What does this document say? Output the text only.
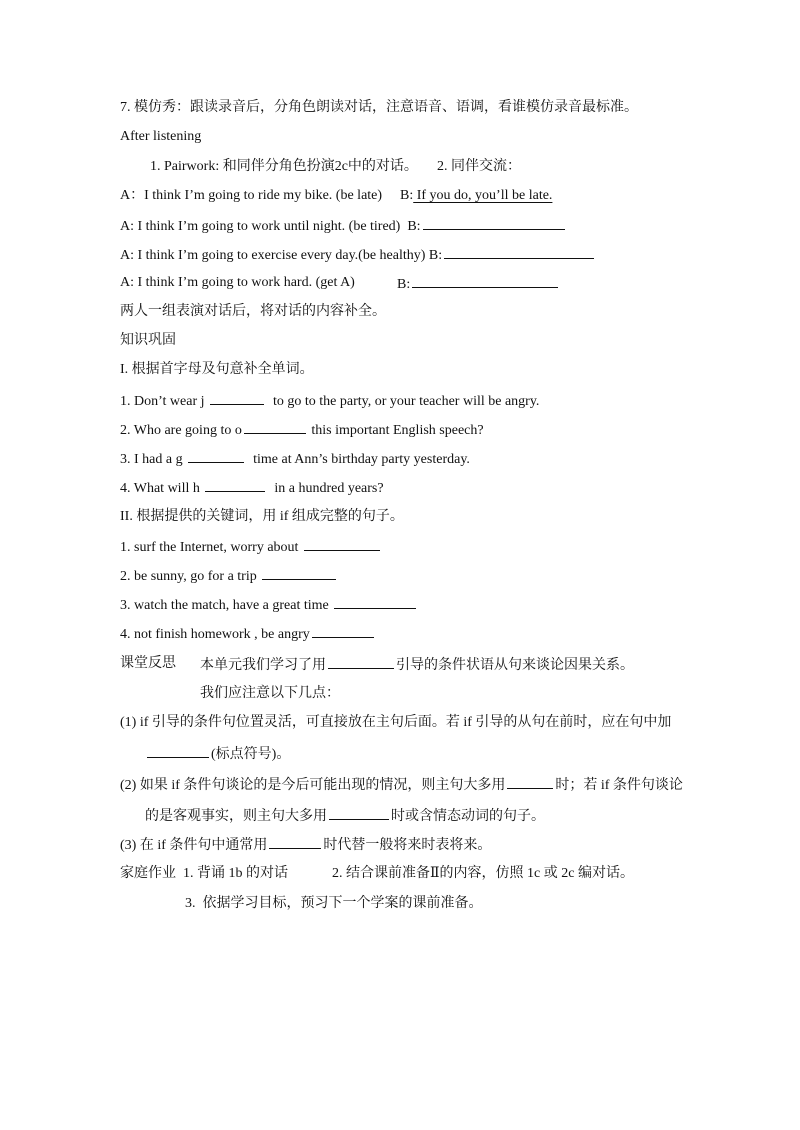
7. 模仿秀：跟读录音后，分角色朗读对话，注意语音、语调，看谁模仿录音最标准。
After listening
1. Pairwork: 和同伴分角色扮演2c中的对话。 2. 同伴交流：
A：I think I’m going to ride my bike. (be late) B: If you do, you’ll be late.
A: I think I’m going to work until night. (be tired)  B:
A: I think I’m going to exercise every day.(be healthy) B:
A: I think I’m going to work hard. (get A)	B:
两人一组表演对话后，将对话的内容补全。
知识巩固
I. 根据首字母及句意补全单词。
1. Don’t wear j	to go to the party, or your teacher will be angry.
2. Who are going to o	this important English speech?
3. I had a g	time at Ann’s birthday party yesterday.
4. What will h	in a hundred years?
II. 根据提供的关键词，用 if 组成完整的句子。
1. surf the Internet, worry about
2. be sunny, go for a trip
3. watch the match, have a great time
4. not finish homework , be angry
课堂反思 本单元我们学习了用	引导的条件状语从句来谈论因果关系。
我们应注意以下几点：
(1) if 引导的条件句位置灵活，可直接放在主句后面。若 if 引导的从句在前时，应在句中加
(标点符号)。
(2) 如果 if 条件句谈论的是今后可能出现的情况，则主句大多用	时；若 if 条件句谈论
的是客观事实，则主句大多用	时或含情态动词的句子。
(3) 在 if 条件句中通常用	时代替一般将来时表将来。
家庭作业  1. 背诵 1b 的对话	2. 结合课前准备Ⅱ的内容，仿照 1c 或 2c 编对话。
3.  依据学习目标，预习下一个学案的课前准备。
